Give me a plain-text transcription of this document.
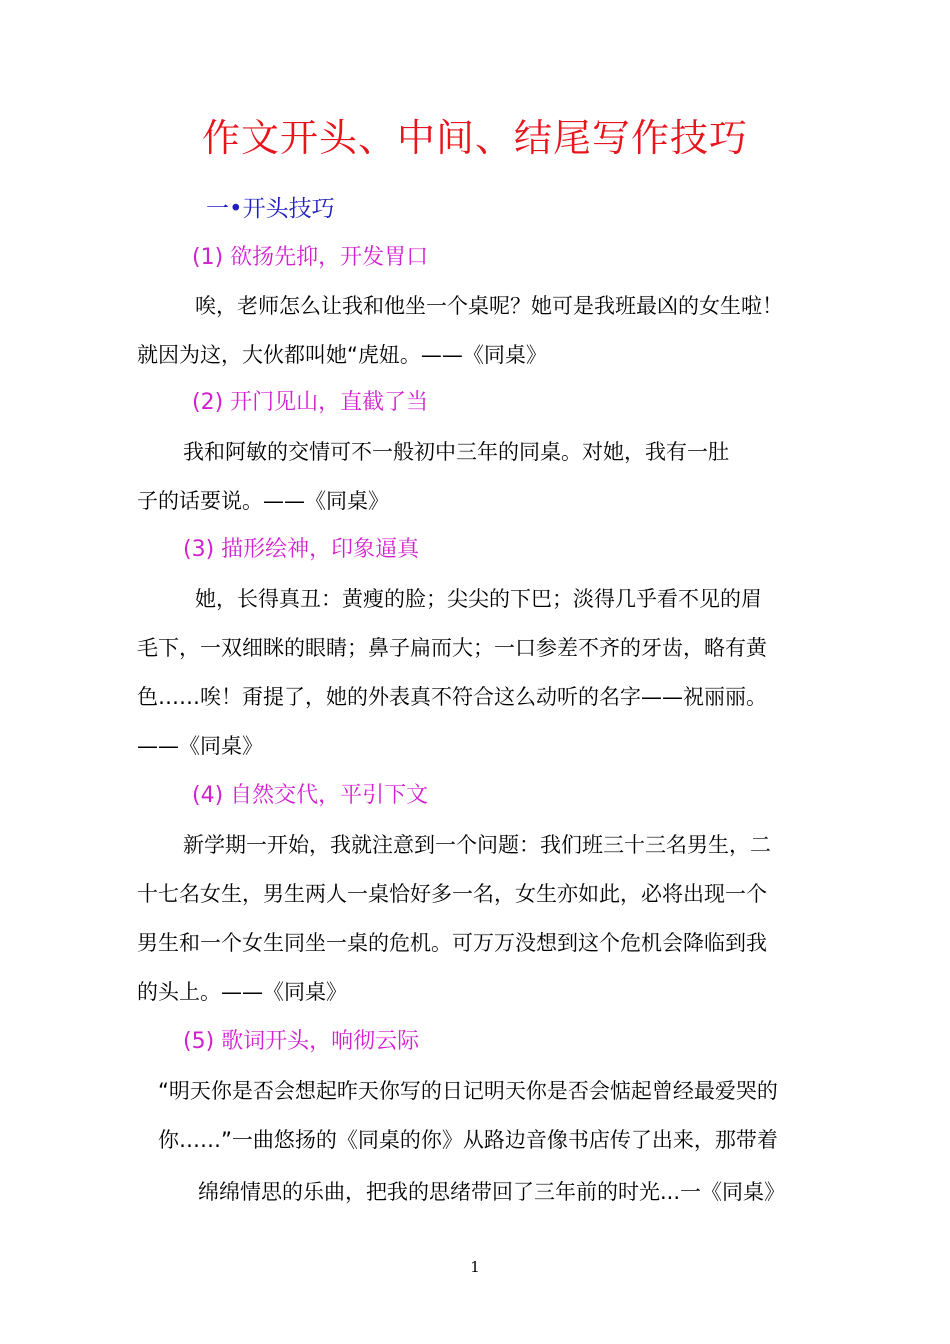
作文开头、中间、结尾写作技巧
一•开头技巧
(1) 欲扬先抑，开发胃口
唉，老师怎么让我和他坐一个桌呢？她可是我班最凶的女生啦！
就因为这，大伙都叫她“虎妞。——《同桌》
(2) 开门见山，直截了当
我和阿敏的交情可不一般初中三年的同桌。对她，我有一肚
子的话要说。——《同桌》
(3) 描形绘神，印象逼真
她，长得真丑：黄瘦的脸；尖尖的下巴；淡得几乎看不见的眉
毛下，一双细眯的眼睛；鼻子扁而大；一口参差不齐的牙齿，略有黄
色……唉！甭提了，她的外表真不符合这么动听的名字——祝丽丽。
——《同桌》
(4) 自然交代，平引下文
新学期一开始，我就注意到一个问题：我们班三十三名男生，二
十七名女生，男生两人一桌恰好多一名，女生亦如此，必将出现一个
男生和一个女生同坐一桌的危机。可万万没想到这个危机会降临到我
的头上。——《同桌》
(5) 歌词开头，响彻云际
“明天你是否会想起昨天你写的日记明天你是否会惦起曾经最爱哭的
你……”一曲悠扬的《同桌的你》从路边音像书店传了出来，那带着
绵绵情思的乐曲，把我的思绪带回了三年前的时光...一《同桌》
1
